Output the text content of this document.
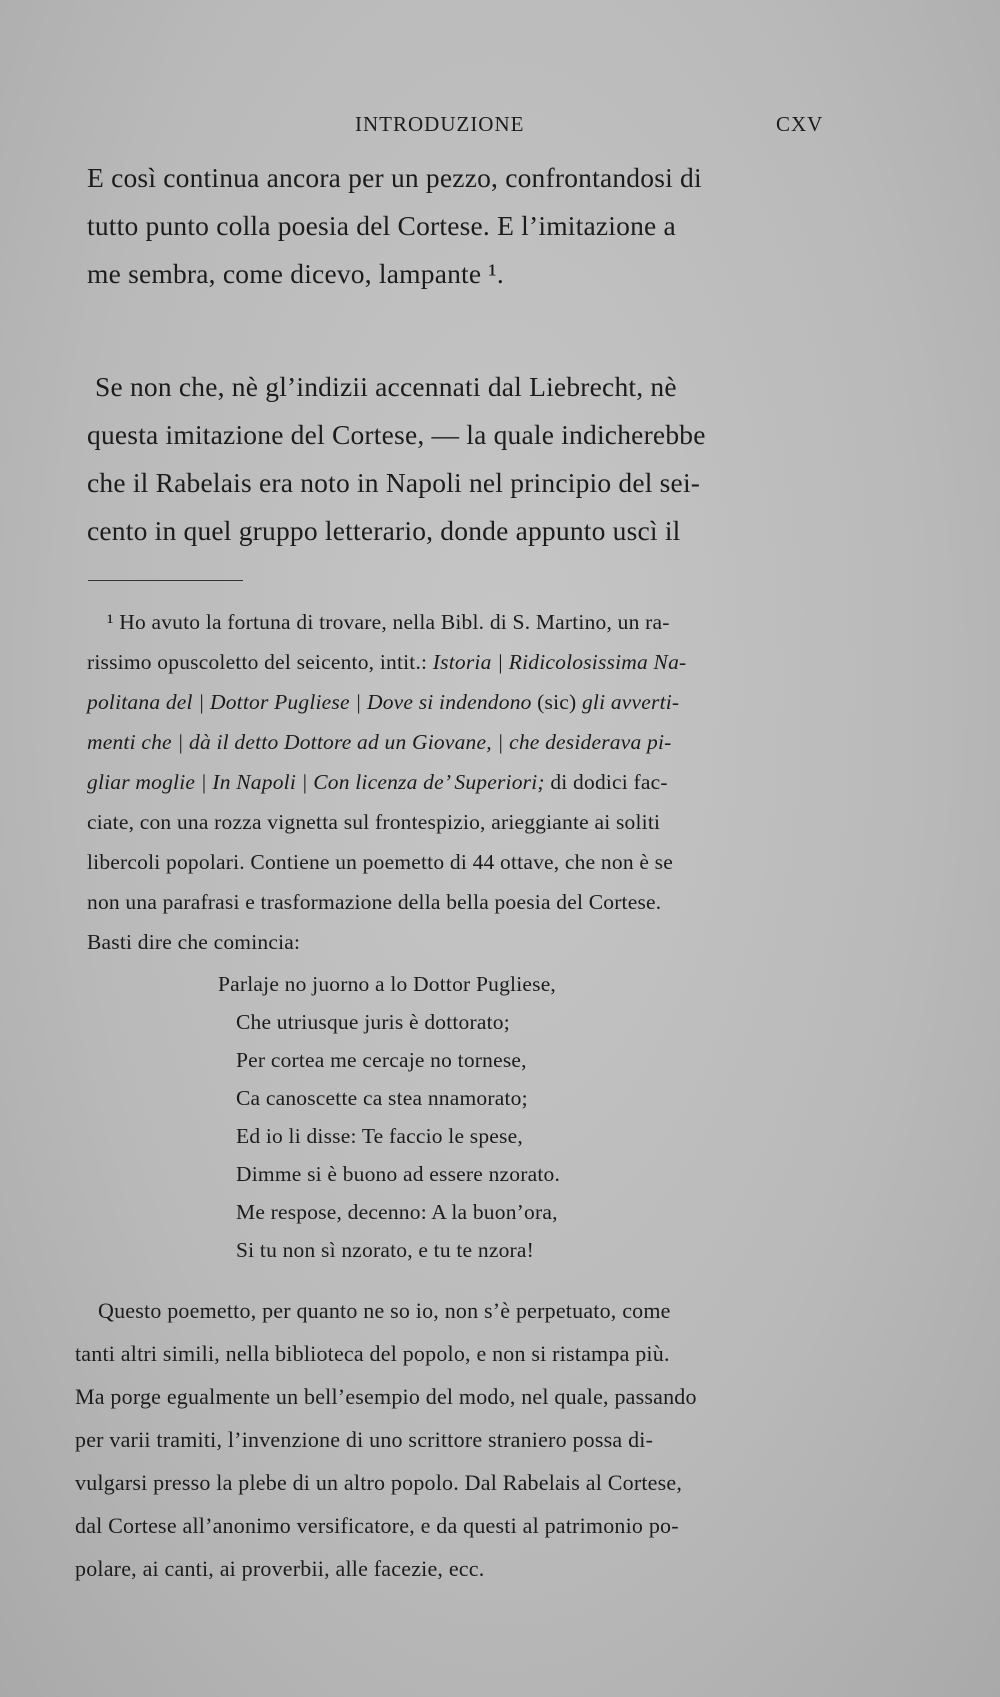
INTRODUZIONE	CXV
E così continua ancora per un pezzo, confrontandosi di
tutto punto colla poesia del Cortese. E l’imitazione a
me sembra, come dicevo, lampante ¹.
Se non che, nè gl’indizii accennati dal Liebrecht, nè
questa imitazione del Cortese, — la quale indicherebbe
che il Rabelais era noto in Napoli nel principio del sei-
cento in quel gruppo letterario, donde appunto uscì il
¹ Ho avuto la fortuna di trovare, nella Bibl. di S. Martino, un ra-
rissimo opuscoletto del seicento, intit.: Istoria | Ridicolosissima Na-
politana del | Dottor Pugliese | Dove si indendono (sic) gli avverti-
menti che | dà il detto Dottore ad un Giovane, | che desiderava pi-
gliar moglie | In Napoli | Con licenza de’ Superiori; di dodici fac-
ciate, con una rozza vignetta sul frontespizio, arieggiante ai soliti
libercoli popolari. Contiene un poemetto di 44 ottave, che non è se
non una parafrasi e trasformazione della bella poesia del Cortese.
Basti dire che comincia:
Parlaje no juorno a lo Dottor Pugliese,
Che utriusque juris è dottorato;
Per cortea me cercaje no tornese,
Ca canoscette ca stea nnamorato;
Ed io li disse: Te faccio le spese,
Dimme si è buono ad essere nzorato.
Me respose, decenno: A la buon’ora,
Si tu non sì nzorato, e tu te nzora!
Questo poemetto, per quanto ne so io, non s’è perpetuato, come
tanti altri simili, nella biblioteca del popolo, e non si ristampa più.
Ma porge egualmente un bell’esempio del modo, nel quale, passando
per varii tramiti, l’invenzione di uno scrittore straniero possa di-
vulgarsi presso la plebe di un altro popolo. Dal Rabelais al Cortese,
dal Cortese all’anonimo versificatore, e da questi al patrimonio po-
polare, ai canti, ai proverbii, alle facezie, ecc.
